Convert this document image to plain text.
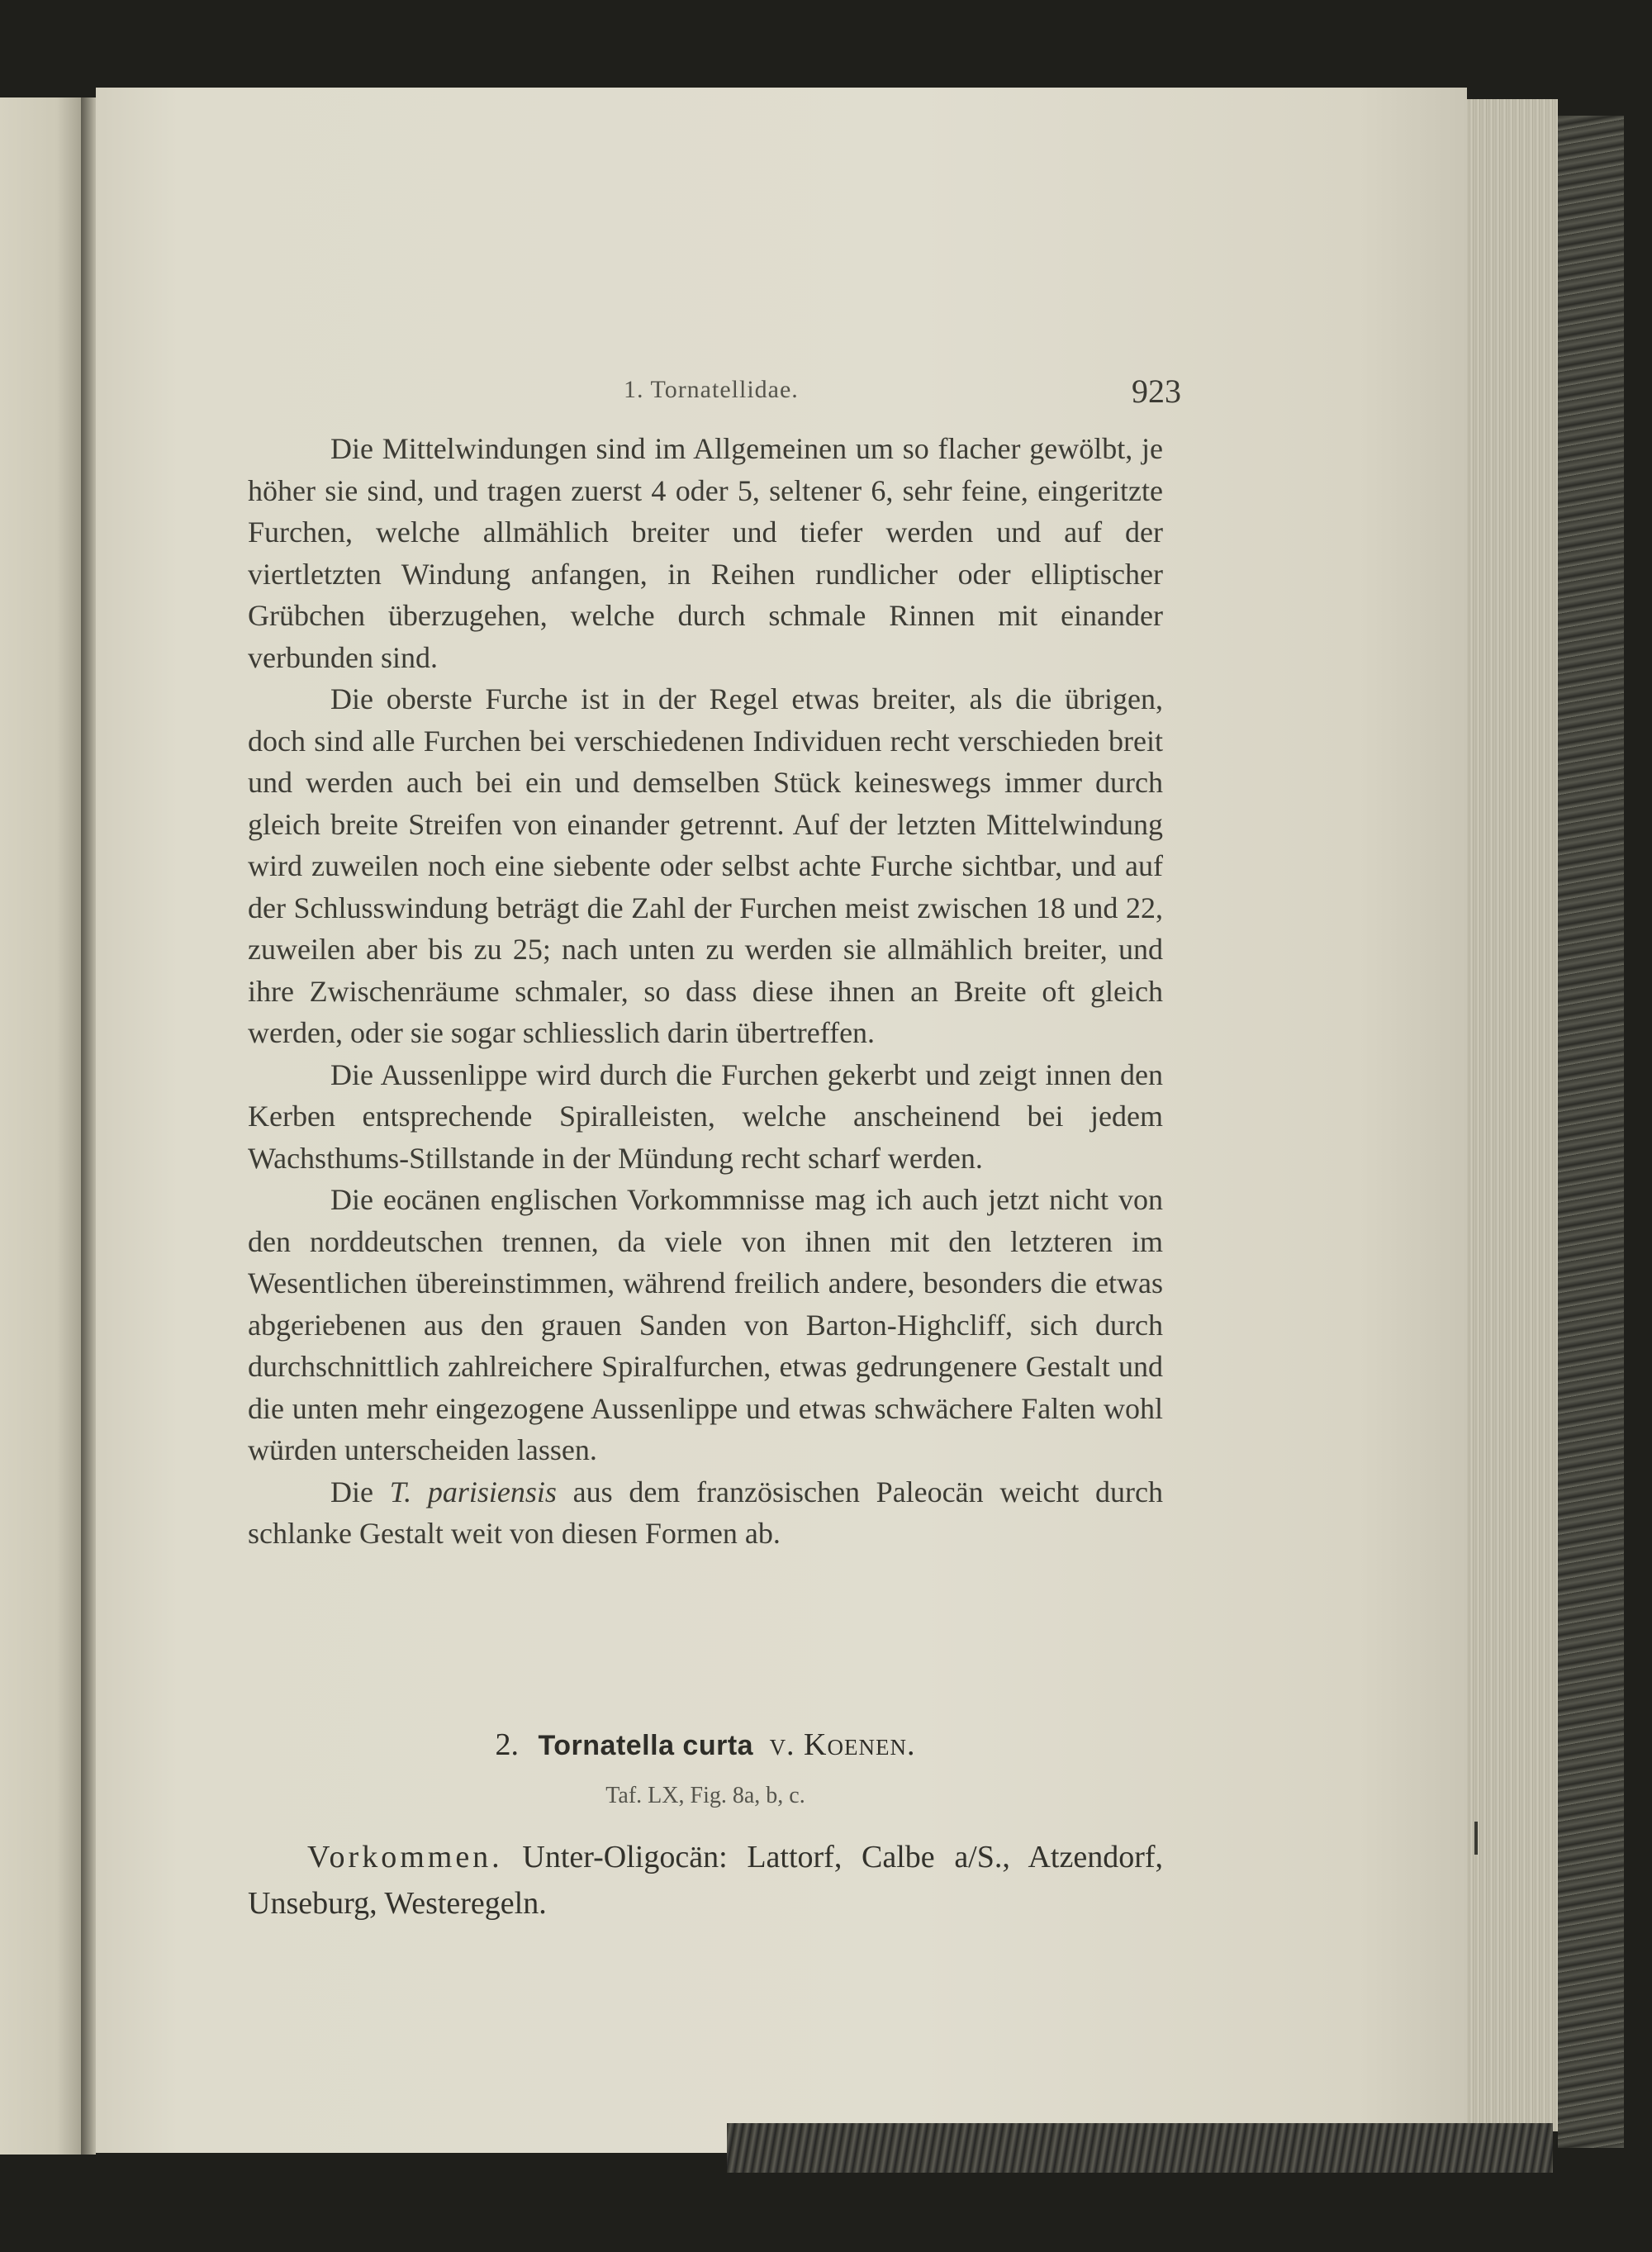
1. Tornatellidae.	923

Die Mittelwindungen sind im Allgemeinen um so flacher gewölbt, je höher sie sind, und tragen zuerst 4 oder 5, seltener 6, sehr feine, eingeritzte Furchen, welche allmählich breiter und tiefer werden und auf der viertletzten Windung anfangen, in Reihen rundlicher oder elliptischer Grübchen überzugehen, welche durch schmale Rinnen mit einander verbunden sind.

Die oberste Furche ist in der Regel etwas breiter, als die übrigen, doch sind alle Furchen bei verschiedenen Individuen recht verschieden breit und werden auch bei ein und demselben Stück keineswegs immer durch gleich breite Streifen von einander getrennt. Auf der letzten Mittelwindung wird zuweilen noch eine siebente oder selbst achte Furche sichtbar, und auf der Schlusswindung beträgt die Zahl der Furchen meist zwischen 18 und 22, zuweilen aber bis zu 25; nach unten zu werden sie allmählich breiter, und ihre Zwischenräume schmaler, so dass diese ihnen an Breite oft gleich werden, oder sie sogar schliesslich darin übertreffen.

Die Aussenlippe wird durch die Furchen gekerbt und zeigt innen den Kerben entsprechende Spiralleisten, welche anscheinend bei jedem Wachsthums-Stillstande in der Mündung recht scharf werden.

Die eocänen englischen Vorkommnisse mag ich auch jetzt nicht von den norddeutschen trennen, da viele von ihnen mit den letzteren im Wesentlichen übereinstimmen, während freilich andere, besonders die etwas abgeriebenen aus den grauen Sanden von Barton-Highcliff, sich durch durchschnittlich zahlreichere Spiralfurchen, etwas gedrungenere Gestalt und die unten mehr eingezogene Aussenlippe und etwas schwächere Falten wohl würden unterscheiden lassen.

Die T. parisiensis aus dem französischen Paleocän weicht durch schlanke Gestalt weit von diesen Formen ab.

2. Tornatella curta v. Koenen.
Taf. LX, Fig. 8a, b, c.
Vorkommen. Unter-Oligocän: Lattorf, Calbe a/S., Atzendorf, Unseburg, Westeregeln.
